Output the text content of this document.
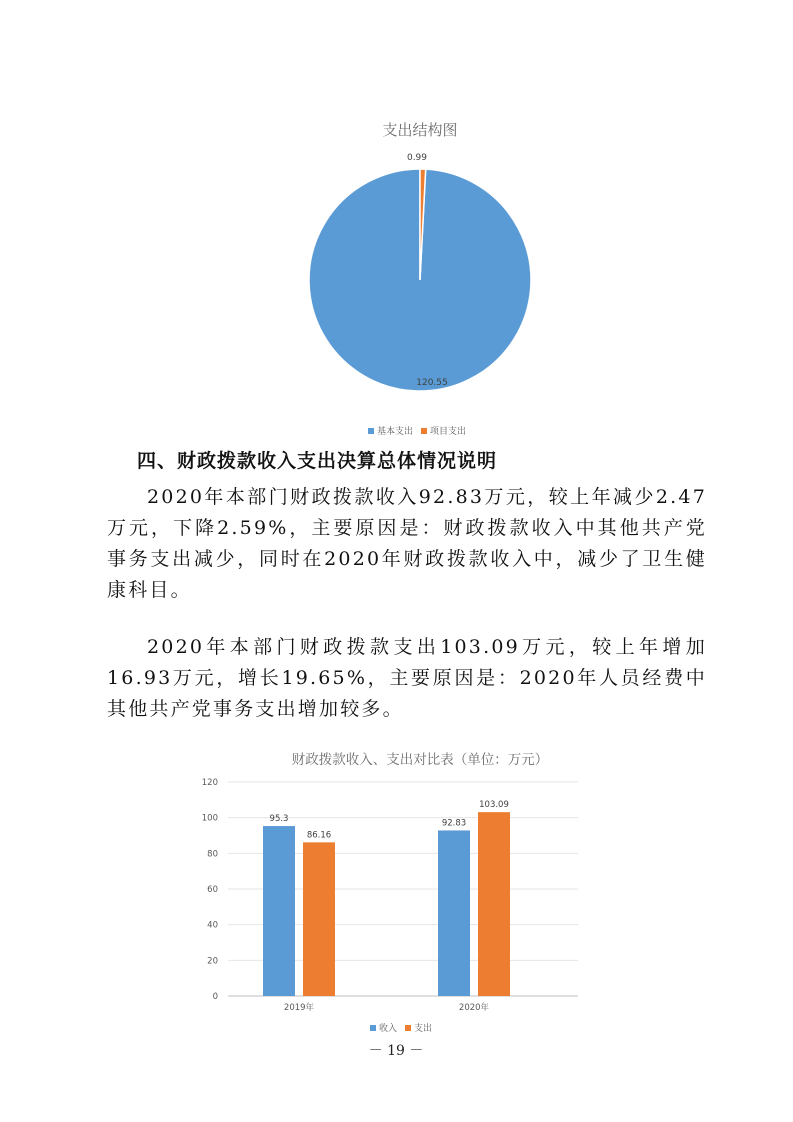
支出结构图
120.55
0.99
基本支出 项目支出
四、财政拨款收入支出决算总体情况说明

2020年本部门财政拨款收入92.83万元，较上年减少2.47万元，下降2.59%，主要原因是：财政拨款收入中其他共产党事务支出减少，同时在2020年财政拨款收入中，减少了卫生健康科目。

2020年本部门财政拨款支出103.09万元，较上年增加16.93万元，增长19.65%，主要原因是：2020年人员经费中其他共产党事务支出增加较多。

财政拨款收入、支出对比表（单位：万元）
0
20
40
60
80
100
120
95.3
86.16
2019年
92.83
103.09
2020年
收入 支出
－ 19 －
